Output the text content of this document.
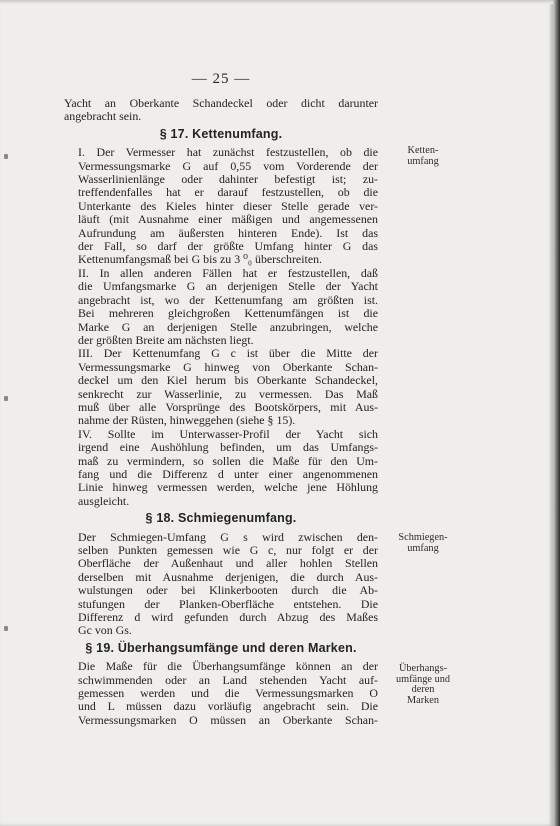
— 25 —

Yacht an Oberkante Schandeckel oder dicht darunter
angebracht sein.

§ 17. Kettenumfang.

I. Der Vermesser hat zunächst festzustellen, ob die
Vermessungsmarke G auf 0,55 vom Vorderende der
Wasserlinienlänge oder dahinter befestigt ist; zu-
treffendenfalles hat er darauf festzustellen, ob die
Unterkante des Kieles hinter dieser Stelle gerade ver-
läuft (mit Ausnahme einer mäßigen und angemessenen
Aufrundung am äußersten hinteren Ende). Ist das
der Fall, so darf der größte Umfang hinter G das
Kettenumfangsmaß bei G bis zu 3 ⁰₀ überschreiten.

II. In allen anderen Fällen hat er festzustellen, daß
die Umfangsmarke G an derjenigen Stelle der Yacht
angebracht ist, wo der Kettenumfang am größten ist.
Bei mehreren gleichgroßen Kettenumfängen ist die
Marke G an derjenigen Stelle anzubringen, welche
der größten Breite am nächsten liegt.

III. Der Kettenumfang G c ist über die Mitte der
Vermessungsmarke G hinweg von Oberkante Schan-
deckel um den Kiel herum bis Oberkante Schandeckel,
senkrecht zur Wasserlinie, zu vermessen. Das Maß
muß über alle Vorsprünge des Bootskörpers, mit Aus-
nahme der Rüsten, hinweggehen (siehe § 15).

IV. Sollte im Unterwasser-Profil der Yacht sich
irgend eine Aushöhlung befinden, um das Umfangs-
maß zu vermindern, so sollen die Maße für den Um-
fang und die Differenz d unter einer angenommenen
Linie hinweg vermessen werden, welche jene Höhlung
ausgleicht.

§ 18. Schmiegenumfang.

Der Schmiegen-Umfang G s wird zwischen den-
selben Punkten gemessen wie G c, nur folgt er der
Oberfläche der Außenhaut und aller hohlen Stellen
derselben mit Ausnahme derjenigen, die durch Aus-
wulstungen oder bei Klinkerbooten durch die Ab-
stufungen der Planken-Oberfläche entstehen. Die
Differenz d wird gefunden durch Abzug des Maßes
Gc von Gs.

§ 19. Überhangsumfänge und deren Marken.

Die Maße für die Überhangsumfänge können an der
schwimmenden oder an Land stehenden Yacht auf-
gemessen werden und die Vermessungsmarken O
und L müssen dazu vorläufig angebracht sein. Die
Vermessungsmarken O müssen an Oberkante Schan-

Ketten-
umfang
Schmiegen-
umfang
Überhangs-
umfänge und
deren
Marken
